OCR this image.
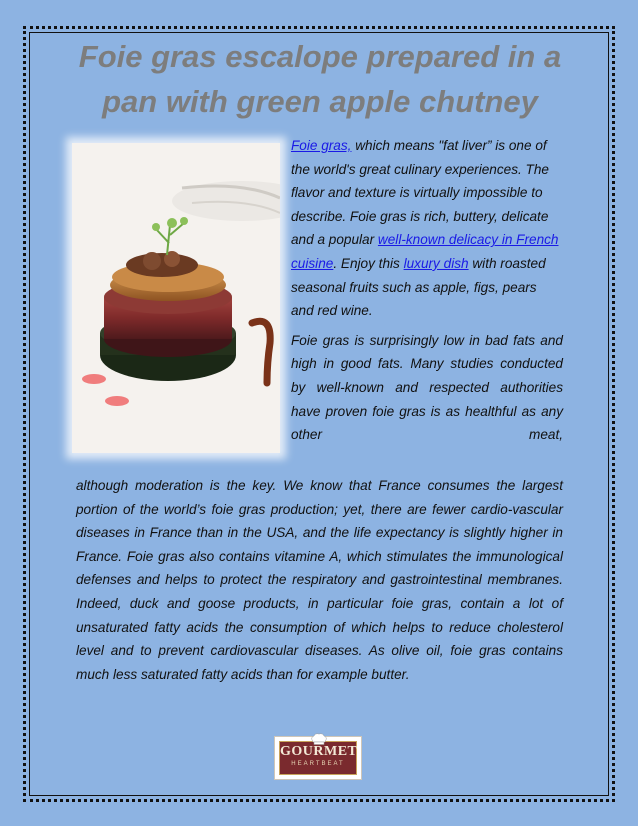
Foie gras escalope prepared in a pan with green apple chutney

Foie gras, which means "fat liver” is one of the world's great culinary experiences. The flavor and texture is virtually impossible to describe. Foie gras is rich, buttery, delicate and a popular well-known delicacy in French cuisine. Enjoy this luxury dish with roasted seasonal fruits such as apple, figs, pears and red wine.

Foie gras is surprisingly low in bad fats and high in good fats. Many studies conducted by well-known and respected authorities have proven foie gras is as healthful as any other meat,

although moderation is the key. We know that France consumes the largest portion of the world’s foie gras production; yet, there are fewer cardio-vascular diseases in France than in the USA, and the life expectancy is slightly higher in France. Foie gras also contains vitamine A, which stimulates the immunological defenses and helps to protect the respiratory and gastrointestinal membranes. Indeed, duck and goose products, in particular foie gras, contain a lot of unsaturated fatty acids the consumption of which helps to reduce cholesterol level and to prevent cardiovascular diseases. As olive oil, foie gras contains much less saturated fatty acids than for example butter.

GOURMET
HEARTBEAT
